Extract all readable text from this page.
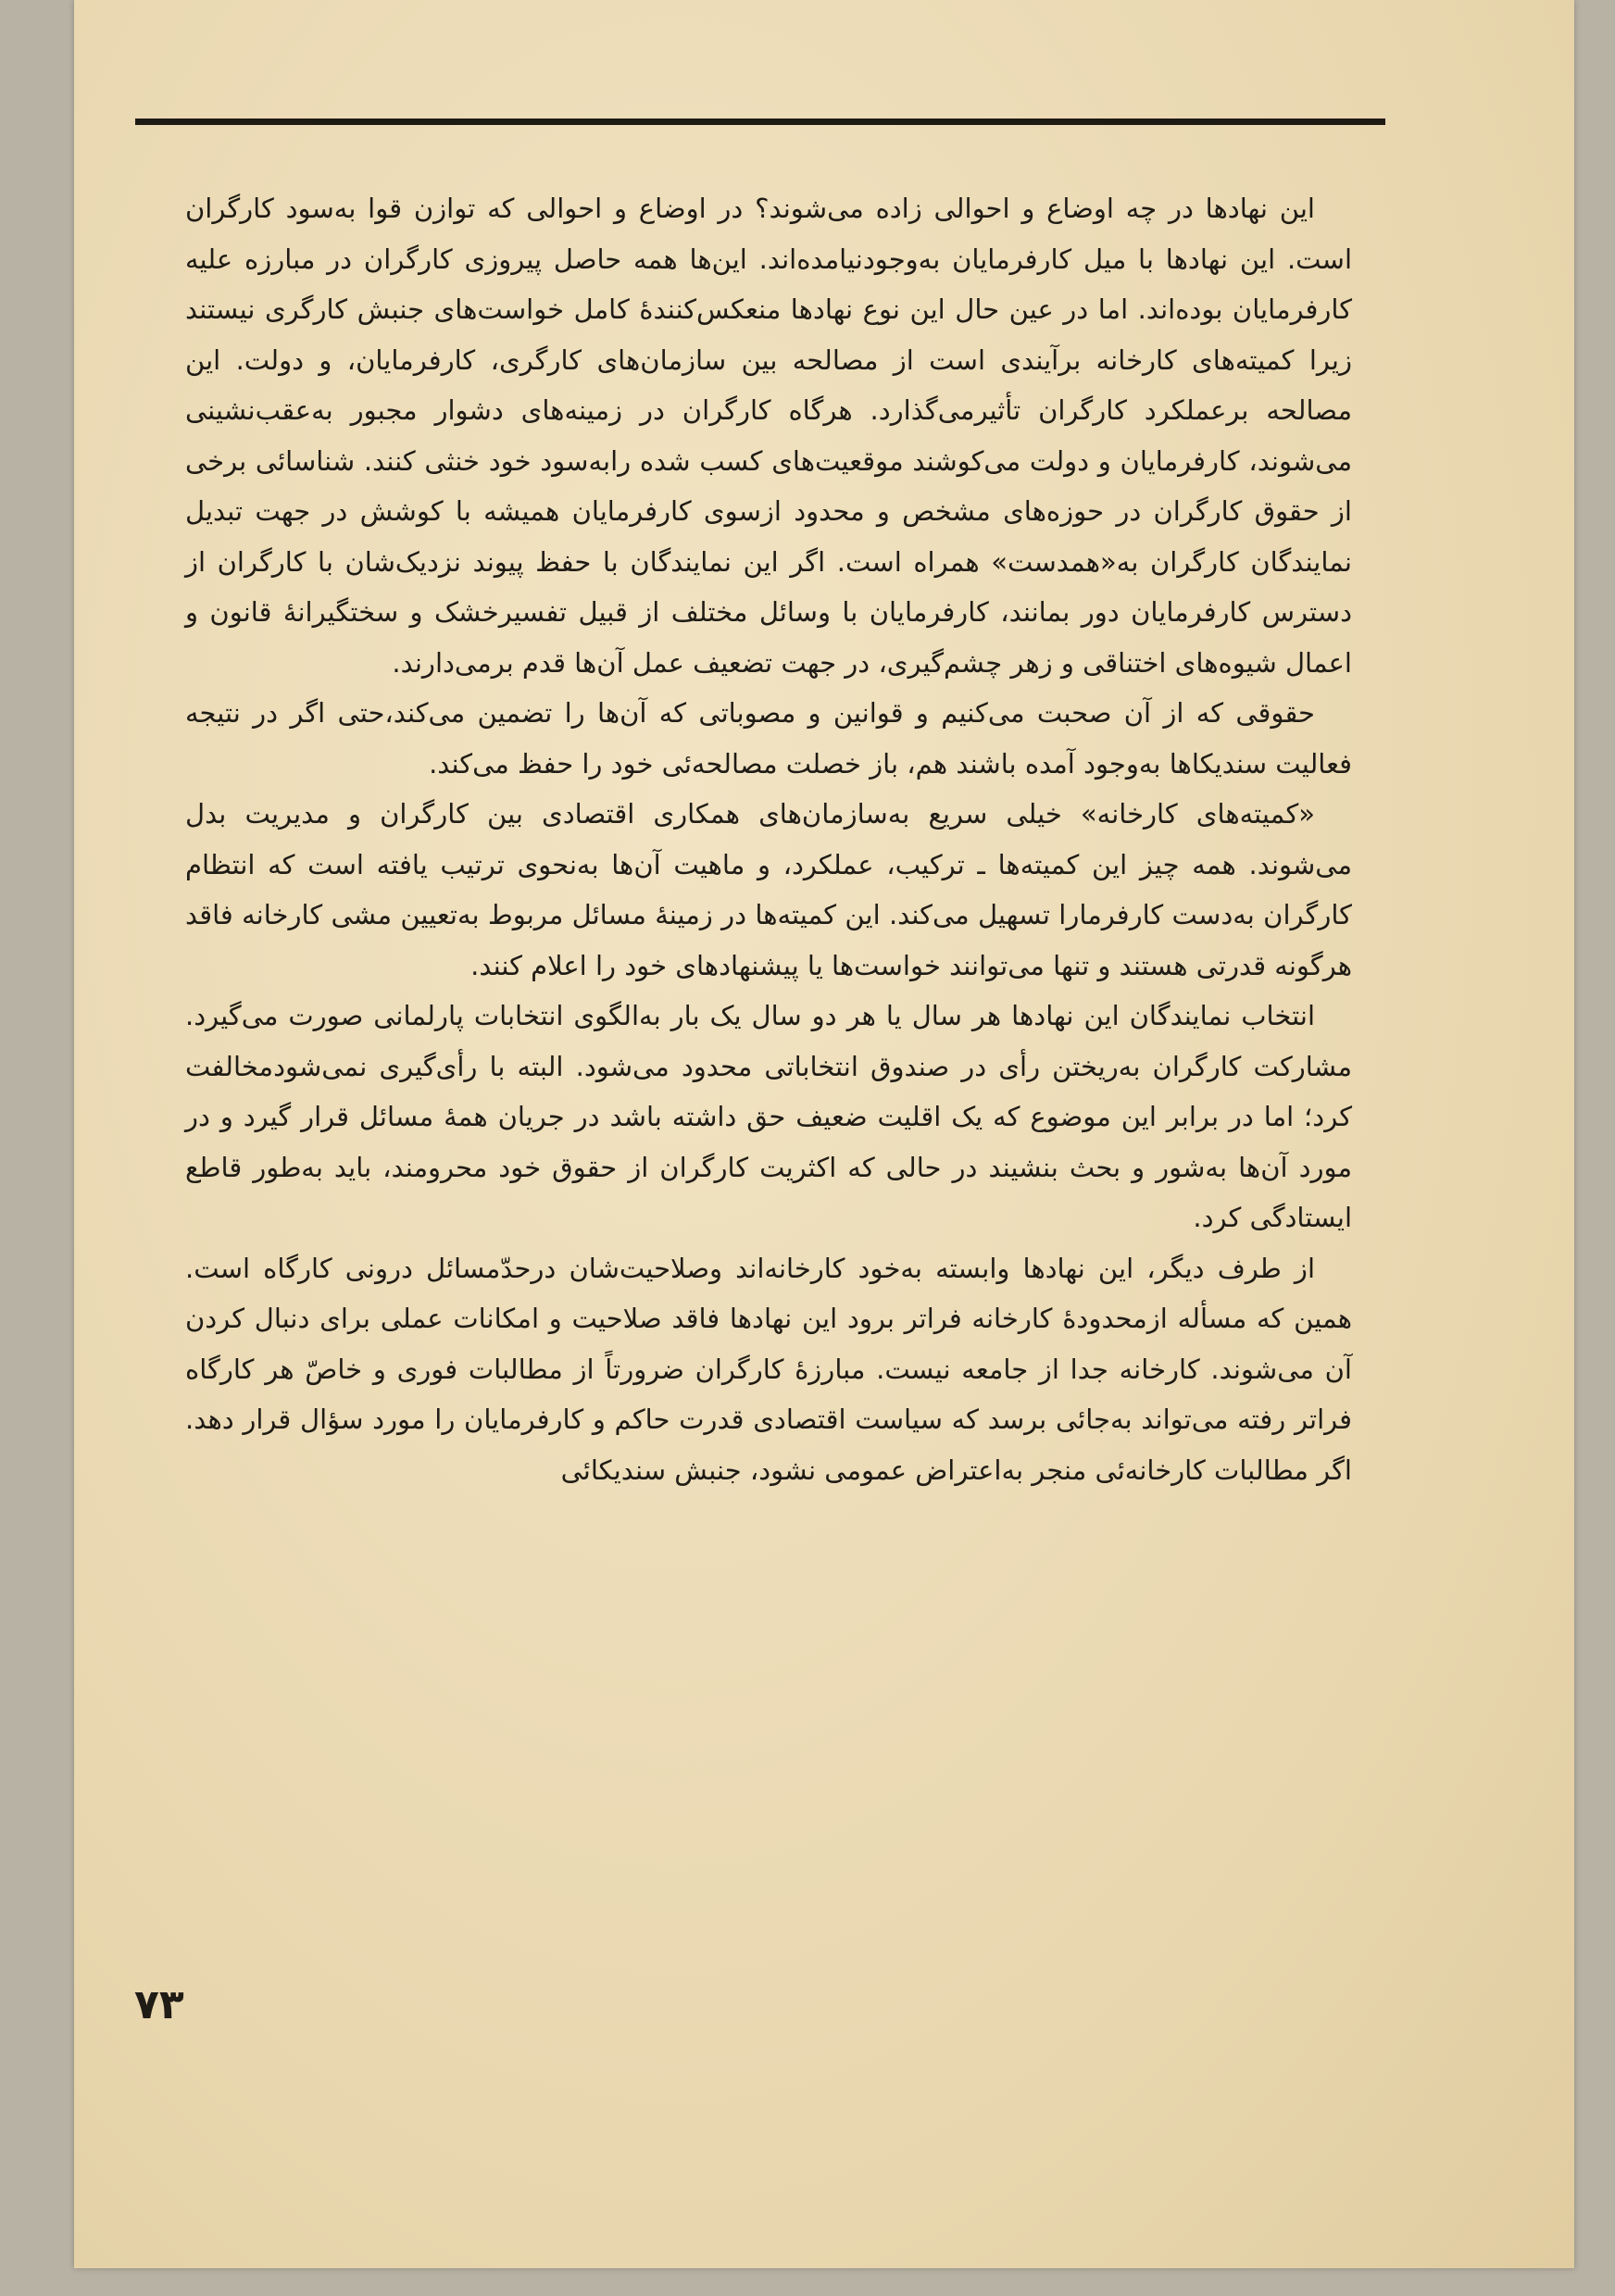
این نهادها در چه اوضاع و احوالی زاده می‌شوند؟ در اوضاع و احوالی که توازن قوا به‌سود کارگران است. این نهادها با میل کارفرمایان به‌وجودنیامده‌اند. این‌ها همه حاصل پیروزی کارگران در مبارزه علیه کارفرمایان بوده‌اند. اما در عین حال این نوع نهادها منعکس‌کنندهٔ کامل خواست‌های جنبش کارگری نیستند زیرا کمیته‌های کارخانه برآیندی است از مصالحه بین سازمان‌های کارگری، کارفرمایان، و دولت. این مصالحه برعملکرد کارگران تأثیرمی‌گذارد. هرگاه کارگران در زمینه‌های دشوار مجبور به‌عقب‌نشینی می‌شوند، کارفرمایان و دولت می‌کوشند موقعیت‌های کسب شده رابه‌سود خود خنثی کنند. شناسائی برخی از حقوق کارگران در حوزه‌های مشخص و محدود ازسوی کارفرمایان همیشه با کوشش در جهت تبدیل نمایندگان کارگران به«همدست» همراه است. اگر این نمایندگان با حفظ پیوند نزدیک‌شان با کارگران از دسترس کارفرمایان دور بمانند، کارفرمایان با وسائل مختلف از قبیل تفسیرخشک و سختگیرانهٔ قانون و اعمال شیوه‌های اختناقی و زهر چشم‌گیری، در جهت تضعیف عمل آن‌ها قدم برمی‌دارند.

حقوقی که از آن صحبت می‌کنیم و قوانین و مصوباتی که آن‌ها را تضمین می‌کند،حتی اگر در نتیجه فعالیت سندیکاها به‌وجود آمده باشند هم، باز خصلت مصالحه‌ئی خود را حفظ می‌کند.

«کمیته‌های کارخانه» خیلی سریع به‌سازمان‌های همکاری اقتصادی بین کارگران و مدیریت بدل می‌شوند. همه چیز این کمیته‌ها ـ ترکیب، عملکرد، و ماهیت آن‌ها به‌نحوی ترتیب یافته است که انتظام کارگران به‌دست کارفرمارا تسهیل می‌کند. این کمیته‌ها در زمینهٔ مسائل مربوط به‌تعیین مشی کارخانه فاقد هرگونه قدرتی هستند و تنها می‌توانند خواست‌ها یا پیشنهادهای خود را اعلام کنند.

انتخاب نمایندگان این نهادها هر سال یا هر دو سال یک بار به‌الگوی انتخابات پارلمانی صورت می‌گیرد. مشارکت کارگران به‌ریختن رأی در صندوق انتخاباتی محدود می‌شود. البته با رأی‌گیری نمی‌شودمخالفت کرد؛ اما در برابر این موضوع که یک اقلیت ضعیف حق داشته باشد در جریان همهٔ مسائل قرار گیرد و در مورد آن‌ها به‌شور و بحث بنشیند در حالی که اکثریت کارگران از حقوق خود محرومند، باید به‌طور قاطع ایستادگی کرد.

از طرف دیگر، این نهادها وابسته به‌خود کارخانه‌اند وصلاحیت‌شان درحدّمسائل درونی کارگاه است. همین که مسأله ازمحدودهٔ کارخانه فراتر برود این نهادها فاقد صلاحیت و امکانات عملی برای دنبال کردن آن می‌شوند. کارخانه جدا از جامعه نیست. مبارزهٔ کارگران ضرورتاً از مطالبات فوری و خاصّ هر کارگاه فراتر رفته می‌تواند به‌جائی برسد که سیاست اقتصادی قدرت حاکم و کارفرمایان را مورد سؤال قرار دهد. اگر مطالبات کارخانه‌ئی منجر به‌اعتراض عمومی نشود، جنبش سندیکائی

۷۳
